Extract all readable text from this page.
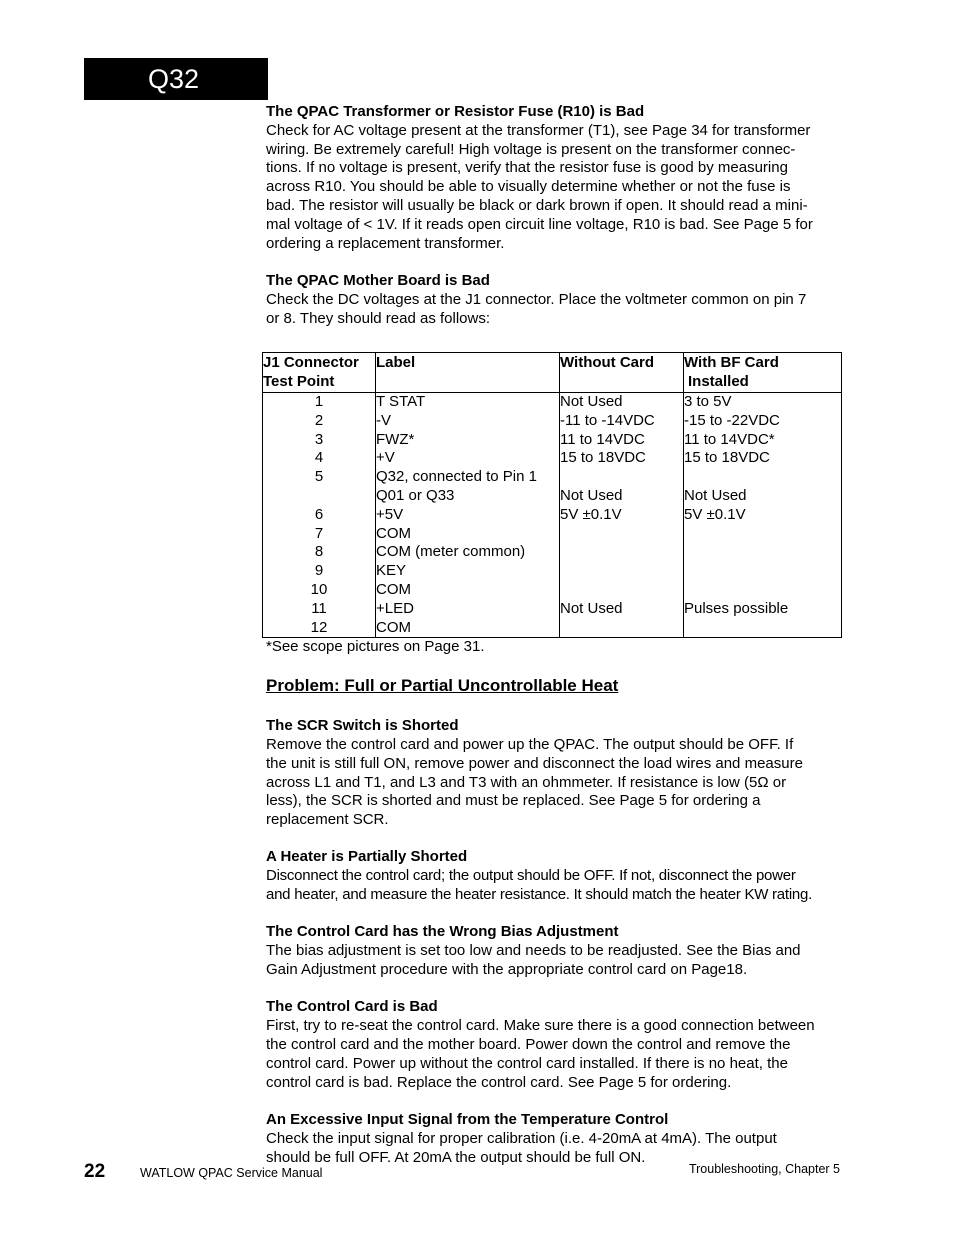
Q32
The QPAC Transformer or Resistor Fuse (R10) is Bad
Check for AC voltage present at the transformer (T1), see Page 34 for transformer
wiring. Be extremely careful! High voltage is present on the transformer connec-
tions. If no voltage is present, verify that the resistor fuse is good by measuring
across R10. You should be able to visually determine whether or not the fuse is
bad. The resistor will usually be black or dark brown if open. It should read a mini-
mal voltage of < 1V. If it reads open circuit line voltage, R10 is bad. See Page 5 for
ordering a replacement transformer.
The QPAC Mother Board is Bad
Check the DC voltages at the J1 connector. Place the voltmeter common on pin 7
or 8. They should read as follows:
J1 Connector
Test Point	Label	Without Card	With BF Card
Installed

1	T STAT	Not Used	3 to 5V
2	-V	-11 to -14VDC	-15 to -22VDC
3	FWZ*	11 to 14VDC	11 to 14VDC*
4	+V	15 to 18VDC	15 to 18VDC
5	Q32, connected to Pin 1		
	Q01 or Q33	Not Used	Not Used
6	+5V	5V ±0.1V	5V ±0.1V
7	COM		
8	COM (meter common)		
9	KEY		
10	COM		
11	+LED	Not Used	Pulses possible
12	COM		
*See scope pictures on Page 31.
Problem: Full or Partial Uncontrollable Heat
The SCR Switch is Shorted
Remove the control card and power up the QPAC. The output should be OFF. If
the unit is still full ON, remove power and disconnect the load wires and measure
across L1 and T1, and L3 and T3 with an ohmmeter. If resistance is low (5Ω or
less), the SCR is shorted and must be replaced. See Page 5 for ordering a
replacement SCR.
A Heater is Partially Shorted
Disconnect the control card; the output should be OFF. If not, disconnect the power
and heater, and measure the heater resistance. It should match the heater KW rating.
The Control Card has the Wrong Bias Adjustment
The bias adjustment is set too low and needs to be readjusted. See the Bias and
Gain Adjustment procedure with the appropriate control card on Page18.
The Control Card is Bad
First, try to re-seat the control card. Make sure there is a good connection between
the control card and the mother board. Power down the control and remove the
control card. Power up without the control card installed. If there is no heat, the
control card is bad. Replace the control card. See Page 5 for ordering.
An Excessive Input Signal from the Temperature Control
Check the input signal for proper calibration (i.e. 4-20mA at 4mA). The output
should be full OFF. At 20mA the output should be full ON.
22	WATLOW QPAC Service Manual	Troubleshooting, Chapter 5
